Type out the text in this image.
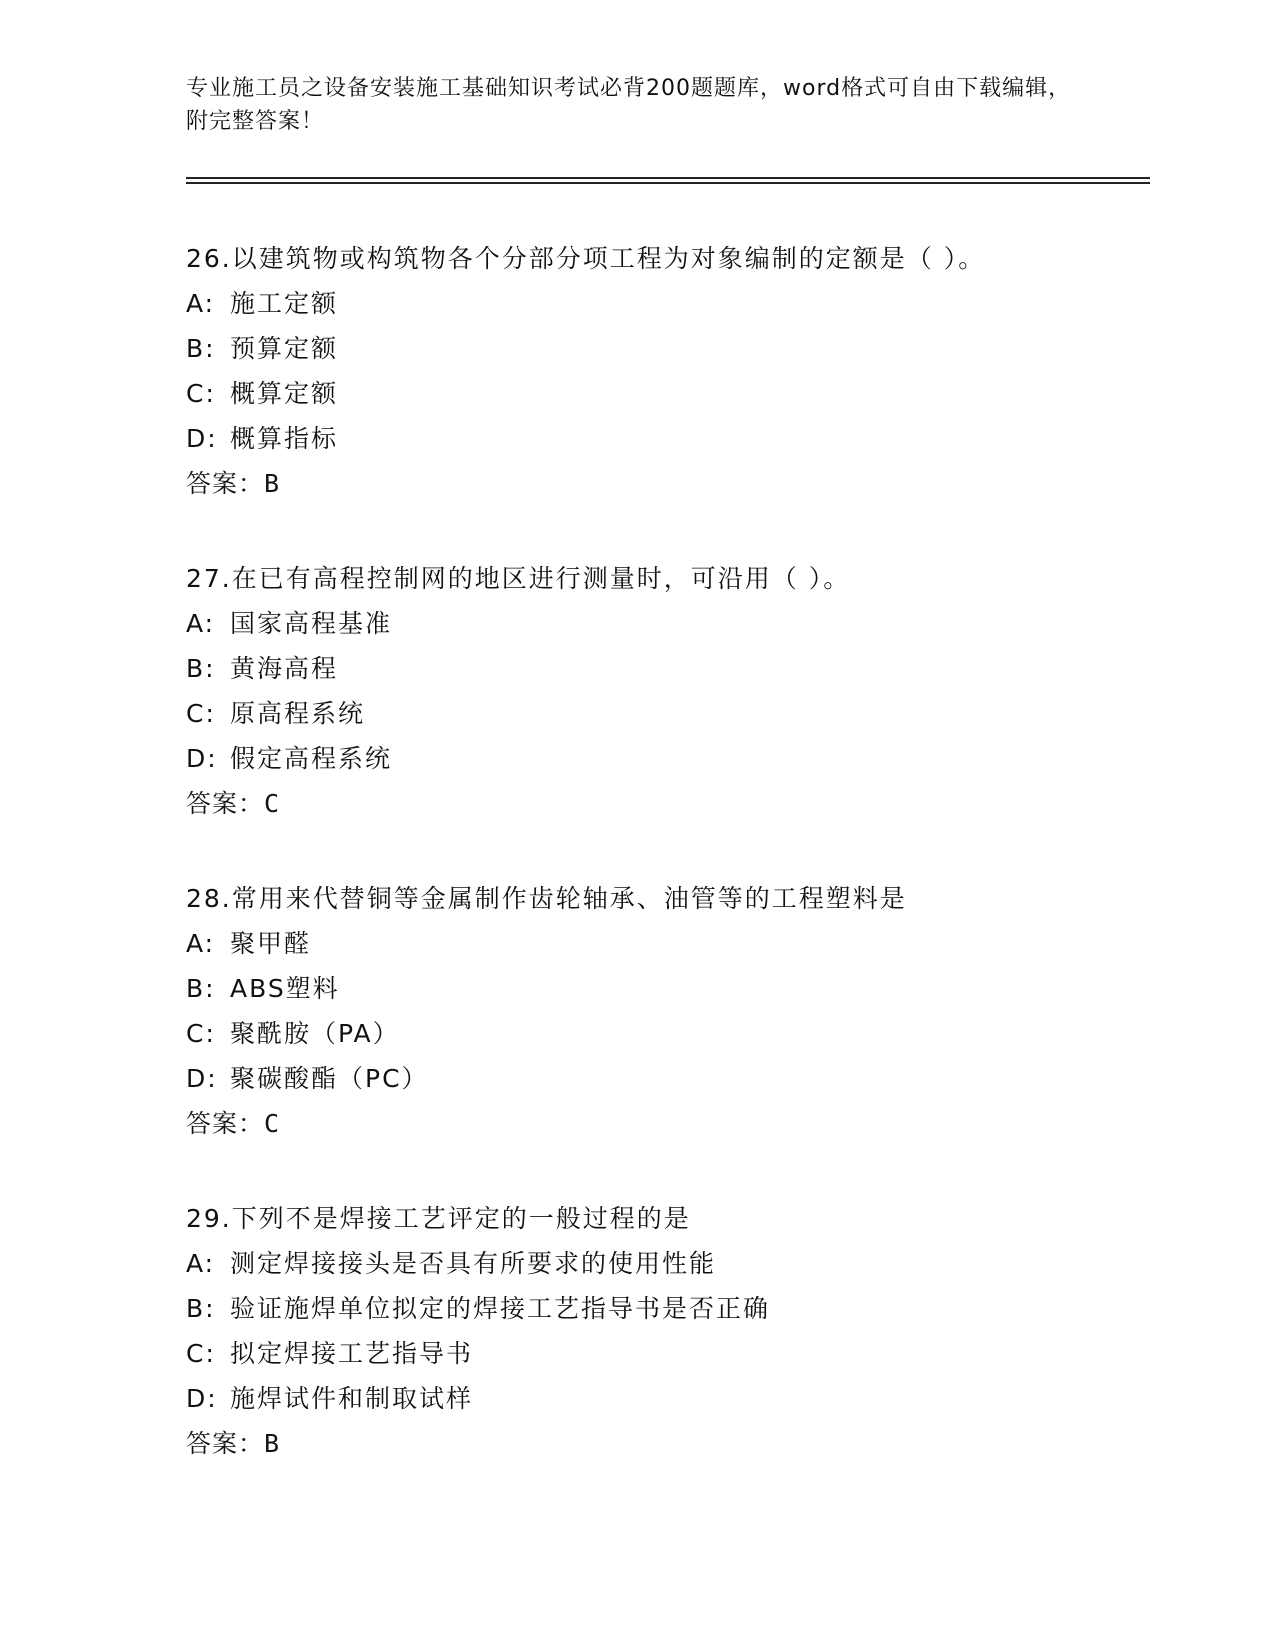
专业施工员之设备安装施工基础知识考试必背200题题库，word格式可自由下载编辑，附完整答案！
26.以建筑物或构筑物各个分部分项工程为对象编制的定额是（ ）。
A: 施工定额
B: 预算定额
C: 概算定额
D: 概算指标
答案：B
27.在已有高程控制网的地区进行测量时，可沿用（ ）。
A: 国家高程基准
B: 黄海高程
C: 原高程系统
D: 假定高程系统
答案：C
28.常用来代替铜等金属制作齿轮轴承、油管等的工程塑料是
A: 聚甲醛
B: ABS塑料
C: 聚酰胺（PA）
D: 聚碳酸酯（PC）
答案：C
29.下列不是焊接工艺评定的一般过程的是
A: 测定焊接接头是否具有所要求的使用性能
B: 验证施焊单位拟定的焊接工艺指导书是否正确
C: 拟定焊接工艺指导书
D: 施焊试件和制取试样
答案：B
